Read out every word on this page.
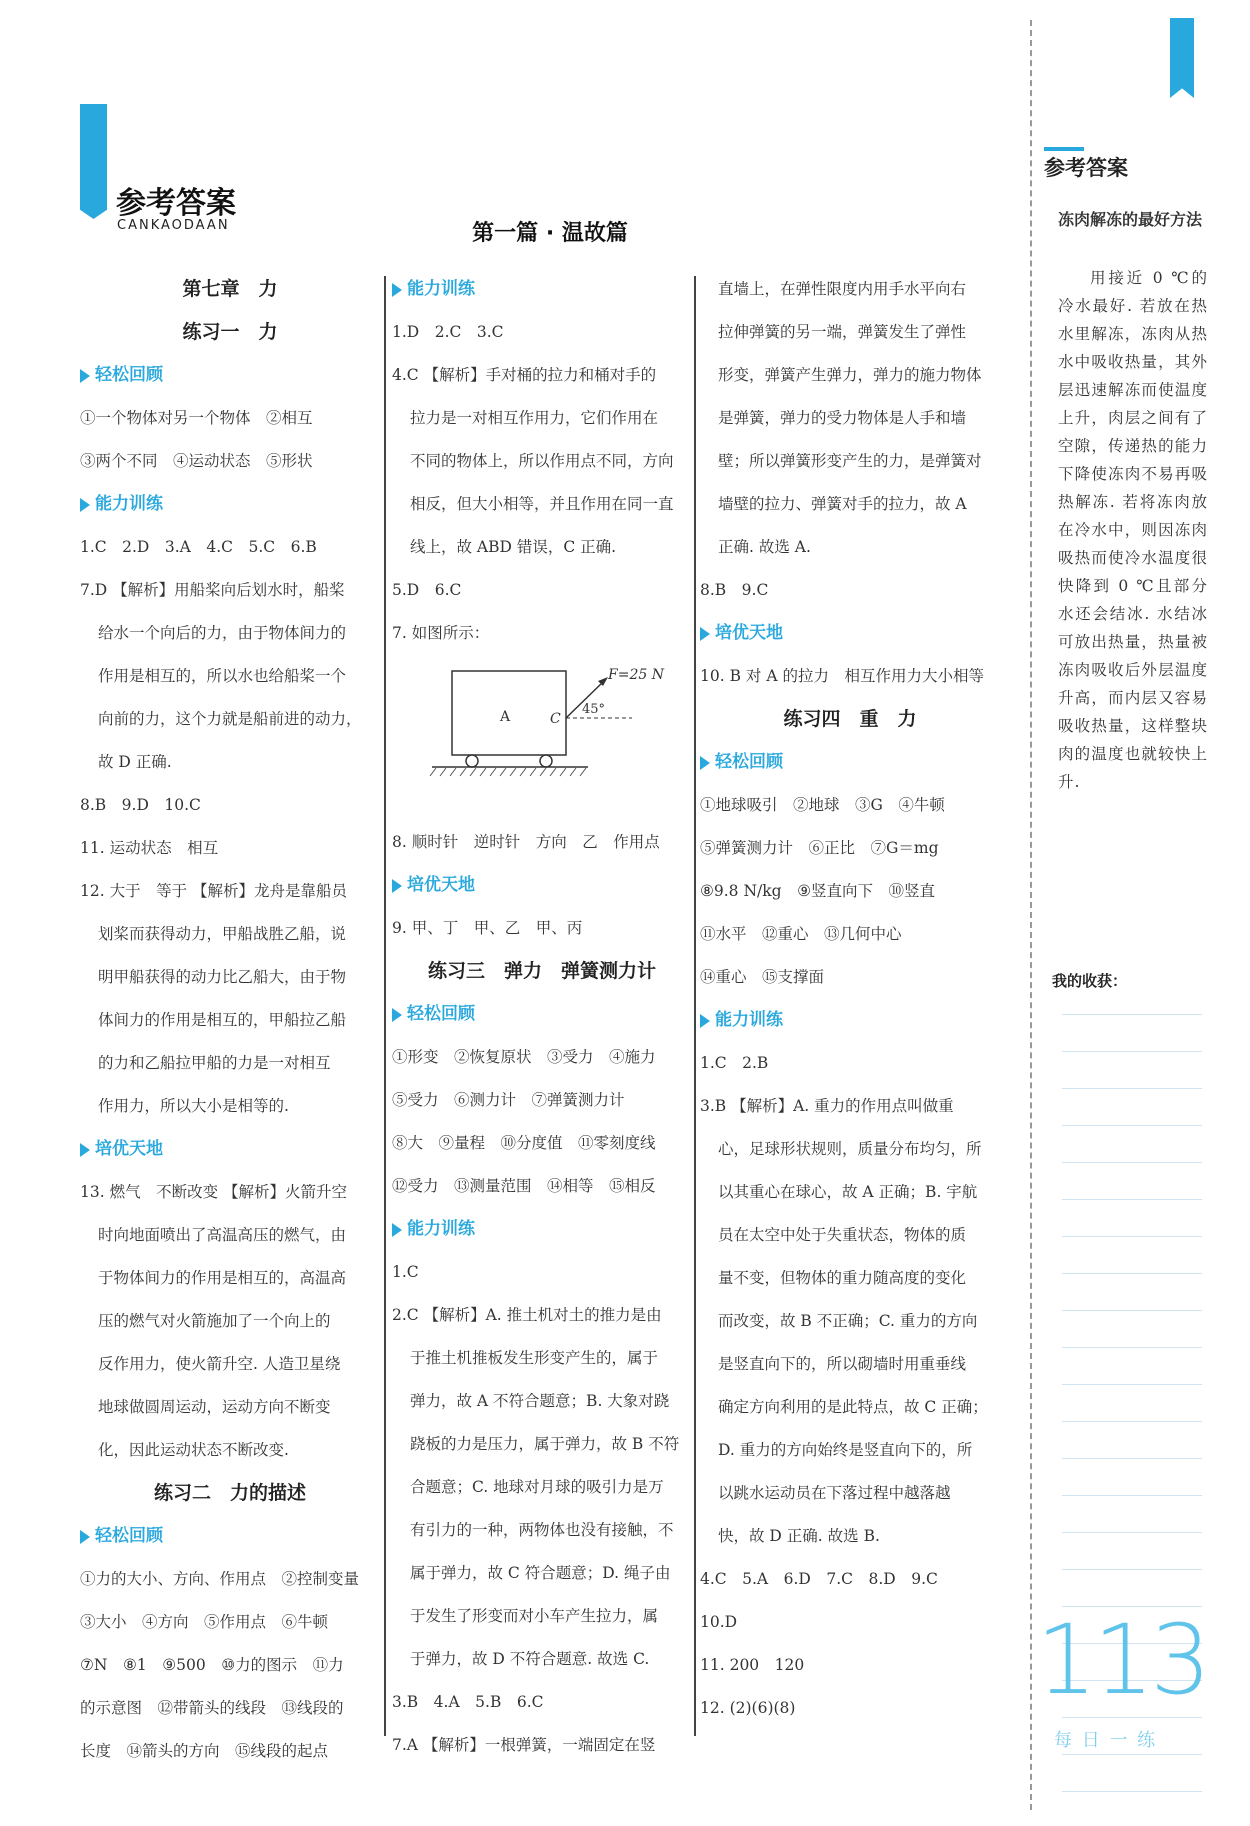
参考答案
CANKAODAAN	第一篇 · 温故篇
第七章　力
练习一　力
轻松回顾
①一个物体对另一个物体　②相互
③两个不同　④运动状态　⑤形状
能力训练
1.C　2.D　3.A　4.C　5.C　6.B
7.D 【解析】用船桨向后划水时，船桨
给水一个向后的力，由于物体间力的
作用是相互的，所以水也给船桨一个
向前的力，这个力就是船前进的动力，
故 D 正确.
8.B　9.D　10.C
11. 运动状态　相互
12. 大于　等于 【解析】龙舟是靠船员
划桨而获得动力，甲船战胜乙船，说
明甲船获得的动力比乙船大，由于物
体间力的作用是相互的，甲船拉乙船
的力和乙船拉甲船的力是一对相互
作用力，所以大小是相等的.
培优天地
13. 燃气　不断改变 【解析】火箭升空
时向地面喷出了高温高压的燃气，由
于物体间力的作用是相互的，高温高
压的燃气对火箭施加了一个向上的
反作用力，使火箭升空. 人造卫星绕
地球做圆周运动，运动方向不断变
化，因此运动状态不断改变.
练习二　力的描述
轻松回顾
①力的大小、方向、作用点　②控制变量
③大小　④方向　⑤作用点　⑥牛顿
⑦N　⑧1　⑨500　⑩力的图示　⑪力
的示意图　⑫带箭头的线段　⑬线段的
长度　⑭箭头的方向　⑮线段的起点
能力训练
1.D　2.C　3.C
4.C 【解析】手对桶的拉力和桶对手的
拉力是一对相互作用力，它们作用在
不同的物体上，所以作用点不同，方向
相反，但大小相等，并且作用在同一直
线上，故 ABD 错误，C 正确.
5.D　6.C
7. 如图所示：
A	C
F=25 N
45°
8. 顺时针　逆时针　方向　乙　作用点
培优天地
9. 甲、丁　甲、乙　甲、丙
练习三　弹力　弹簧测力计
轻松回顾
①形变　②恢复原状　③受力　④施力
⑤受力　⑥测力计　⑦弹簧测力计
⑧大　⑨量程　⑩分度值　⑪零刻度线
⑫受力　⑬测量范围　⑭相等　⑮相反
能力训练
1.C
2.C 【解析】A. 推土机对土的推力是由
于推土机推板发生形变产生的，属于
弹力，故 A 不符合题意；B. 大象对跷
跷板的力是压力，属于弹力，故 B 不符
合题意；C. 地球对月球的吸引力是万
有引力的一种，两物体也没有接触，不
属于弹力，故 C 符合题意；D. 绳子由
于发生了形变而对小车产生拉力，属
于弹力，故 D 不符合题意. 故选 C.
3.B　4.A　5.B　6.C
7.A 【解析】一根弹簧，一端固定在竖
直墙上，在弹性限度内用手水平向右
拉伸弹簧的另一端，弹簧发生了弹性
形变，弹簧产生弹力，弹力的施力物体
是弹簧，弹力的受力物体是人手和墙
壁；所以弹簧形变产生的力，是弹簧对
墙壁的拉力、弹簧对手的拉力，故 A
正确. 故选 A.
8.B　9.C
培优天地
10. B 对 A 的拉力　相互作用力大小相等
练习四　重　力
轻松回顾
①地球吸引　②地球　③G　④牛顿
⑤弹簧测力计　⑥正比　⑦G＝mg
⑧9.8 N/kg　⑨竖直向下　⑩竖直
⑪水平　⑫重心　⑬几何中心
⑭重心　⑮支撑面
能力训练
1.C　2.B
3.B 【解析】A. 重力的作用点叫做重
心，足球形状规则，质量分布均匀，所
以其重心在球心，故 A 正确；B. 宇航
员在太空中处于失重状态，物体的质
量不变，但物体的重力随高度的变化
而改变，故 B 不正确；C. 重力的方向
是竖直向下的，所以砌墙时用重垂线
确定方向利用的是此特点，故 C 正确；
D. 重力的方向始终是竖直向下的，所
以跳水运动员在下落过程中越落越
快，故 D 正确. 故选 B.
4.C　5.A　6.D　7.C　8.D　9.C
10.D
11. 200　120
12. (2)(6)(8)
参考答案
冻肉解冻的最好方法
用接近 0 ℃的冷水最好. 若放在热水里解冻，冻肉从热水中吸收热量，其外层迅速解冻而使温度上升，肉层之间有了空隙，传递热的能力下降使冻肉不易再吸热解冻. 若将冻肉放在冷水中，则因冻肉吸热而使冷水温度很快降到 0 ℃且部分水还会结冰. 水结冰可放出热量，热量被冻肉吸收后外层温度升高，而内层又容易吸收热量，这样整块肉的温度也就较快上升.
我的收获：
113
每 日 一 练
